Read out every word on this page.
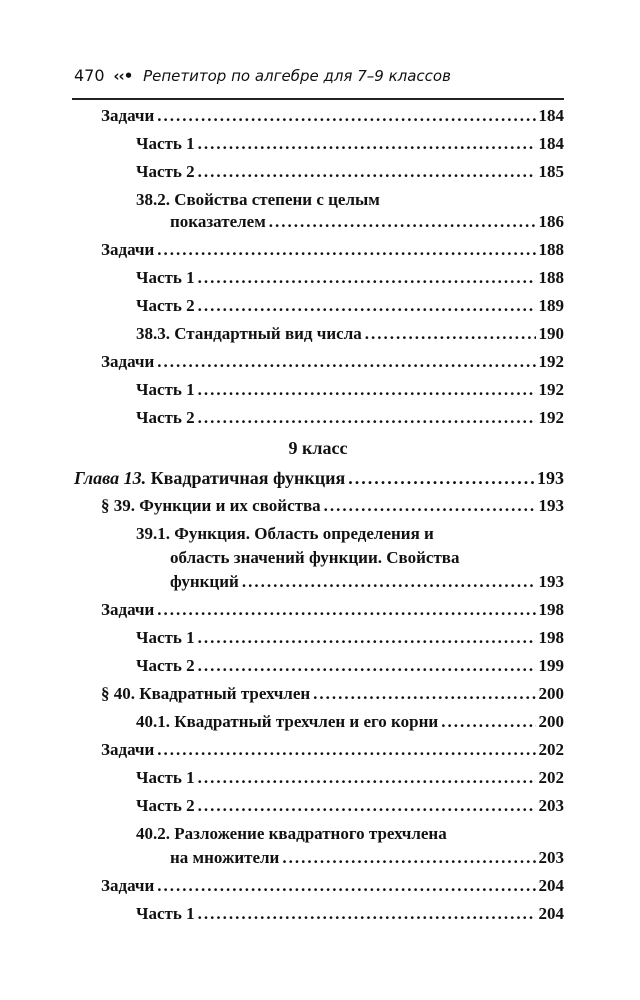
470 ‹‹• Репетитор по алгебре для 7–9 классов
Задачи .....	184
Часть 1 .....	184
Часть 2 .....	185
38.2. Свойства степени с целым
показателем .....	186
Задачи .....	188
Часть 1 .....	188
Часть 2 .....	189
38.3. Стандартный вид числа .....	190
Задачи .....	192
Часть 1 .....	192
Часть 2 .....	192
9 класс
Глава 13. Квадратичная функция .....	193
§ 39. Функции и их свойства .....	193
39.1. Функция. Область определения и
область значений функции. Свойства
функций .....	193
Задачи .....	198
Часть 1 .....	198
Часть 2 .....	199
§ 40. Квадратный трехчлен .....	200
40.1. Квадратный трехчлен и его корни .....	200
Задачи .....	202
Часть 1 .....	202
Часть 2 .....	203
40.2. Разложение квадратного трехчлена
на множители .....	203
Задачи .....	204
Часть 1 .....	204
